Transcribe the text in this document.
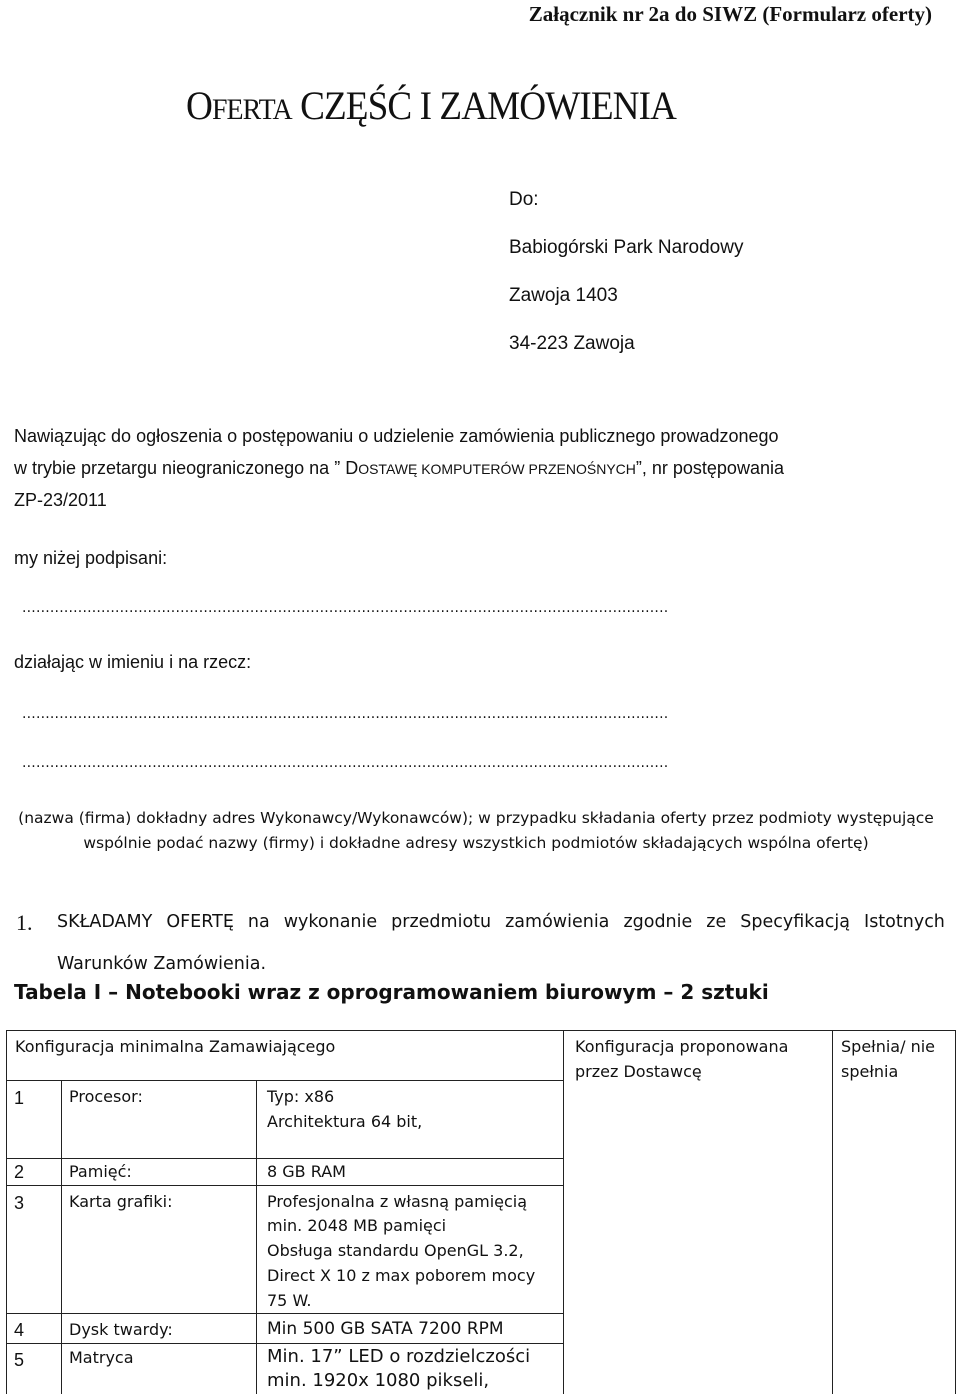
Załącznik nr 2a do SIWZ (Formularz oferty)
OFERTA CZĘŚĆ I ZAMÓWIENIA
Do:
Babiogórski Park Narodowy
Zawoja 1403
34-223 Zawoja
Nawiązując do ogłoszenia o postępowaniu o udzielenie zamówienia publicznego prowadzonego
w trybie przetargu nieograniczonego na ” DOSTAWĘ KOMPUTERÓW PRZENOŚNYCH”, nr postępowania
ZP-23/2011
my niżej podpisani:
...........................................................................................................................................
działając w imieniu i na rzecz:
...........................................................................................................................................
...........................................................................................................................................
(nazwa (firma) dokładny adres Wykonawcy/Wykonawców); w przypadku składania oferty przez podmioty występujące wspólnie podać nazwy (firmy) i dokładne adresy wszystkich podmiotów składających wspólna ofertę)
1. SKŁADAMY OFERTĘ na wykonanie przedmiotu zamówienia zgodnie ze Specyfikacją Istotnych
Warunków Zamówienia.
Tabela I – Notebooki wraz z oprogramowaniem biurowym – 2 sztuki
Konfiguracja minimalna Zamawiającego	Konfiguracja proponowana
przez Dostawcę
Spełnia/ nie
spełnia
1	Procesor:	Typ: x86
Architektura 64 bit,
2	Pamięć:	8 GB RAM
3	Karta grafiki:	Profesjonalna z własną pamięcią
min. 2048 MB pamięci
Obsługa standardu OpenGL 3.2,
Direct X 10 z max poborem mocy
75 W.
4	Dysk twardy:	Min 500 GB SATA 7200 RPM
5	Matryca	Min. 17” LED o rozdzielczości
min. 1920x 1080 pikseli,
